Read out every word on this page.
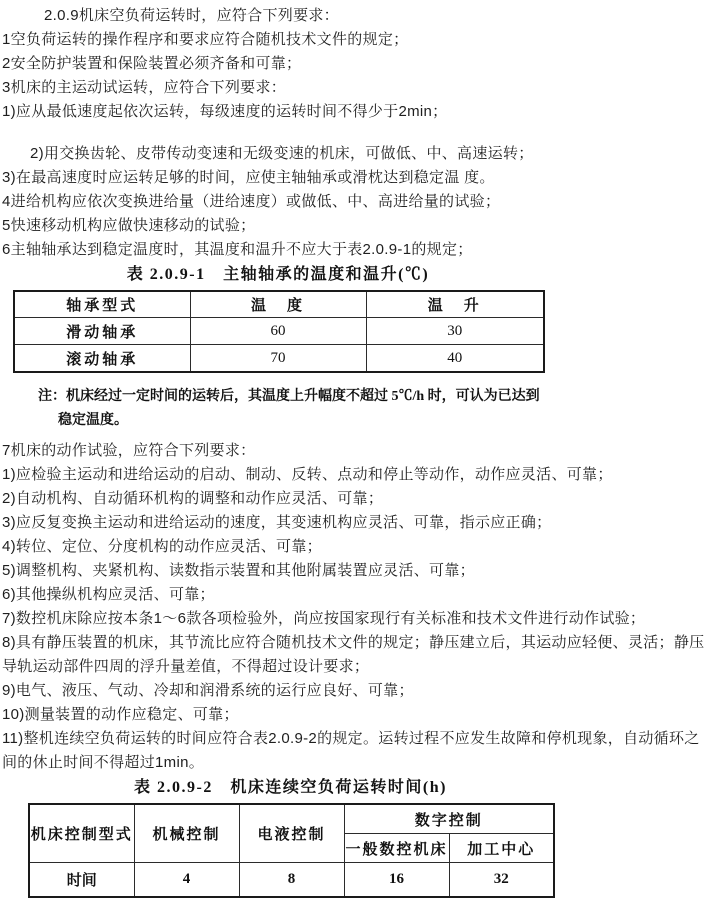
2.0.9机床空负荷运转时，应符合下列要求：

1空负荷运转的操作程序和要求应符合随机技术文件的规定；

2安全防护装置和保险装置必须齐备和可靠；

3机床的主运动试运转，应符合下列要求：

1)应从最低速度起依次运转，每级速度的运转时间不得少于2min；

2)用交换齿轮、皮带传动变速和无级变速的机床，可做低、中、高速运转；

3)在最高速度时应运转足够的时间，应使主轴轴承或滑枕达到稳定温 度。

4进给机构应依次变换进给量（进给速度）或做低、中、高进给量的试验；

5快速移动机构应做快速移动的试验；

6主轴轴承达到稳定温度时，其温度和温升不应大于表2.0.9-1的规定；

表 2.0.9-1　主轴轴承的温度和温升(℃)
轴承型式	温　度	温　升
滑动轴承	60	30
滚动轴承	70	40
注：机床经过一定时间的运转后，其温度上升幅度不超过 5℃/h 时，可认为已达到
稳定温度。

7机床的动作试验，应符合下列要求：

1)应检验主运动和进给运动的启动、制动、反转、点动和停止等动作，动作应灵活、可靠；

2)自动机构、自动循环机构的调整和动作应灵活、可靠；

3)应反复变换主运动和进给运动的速度，其变速机构应灵活、可靠，指示应正确；

4)转位、定位、分度机构的动作应灵活、可靠；

5)调整机构、夹紧机构、读数指示装置和其他附属装置应灵活、可靠；

6)其他操纵机构应灵活、可靠；

7)数控机床除应按本条1～6款各项检验外，尚应按国家现行有关标准和技术文件进行动作试验；

8)具有静压装置的机床，其节流比应符合随机技术文件的规定；静压建立后，其运动应轻便、灵活；静压导轨运动部件四周的浮升量差值，不得超过设计要求；

9)电气、液压、气动、冷却和润滑系统的运行应良好、可靠；

10)测量装置的动作应稳定、可靠；

11)整机连续空负荷运转的时间应符合表2.0.9-2的规定。运转过程不应发生故障和停机现象，自动循环之间的休止时间不得超过1min。

表 2.0.9-2　机床连续空负荷运转时间(h)
机床控制型式	机械控制	电液控制	数字控制	
			一般数控机床	加工中心
时间	4	8	16	32
